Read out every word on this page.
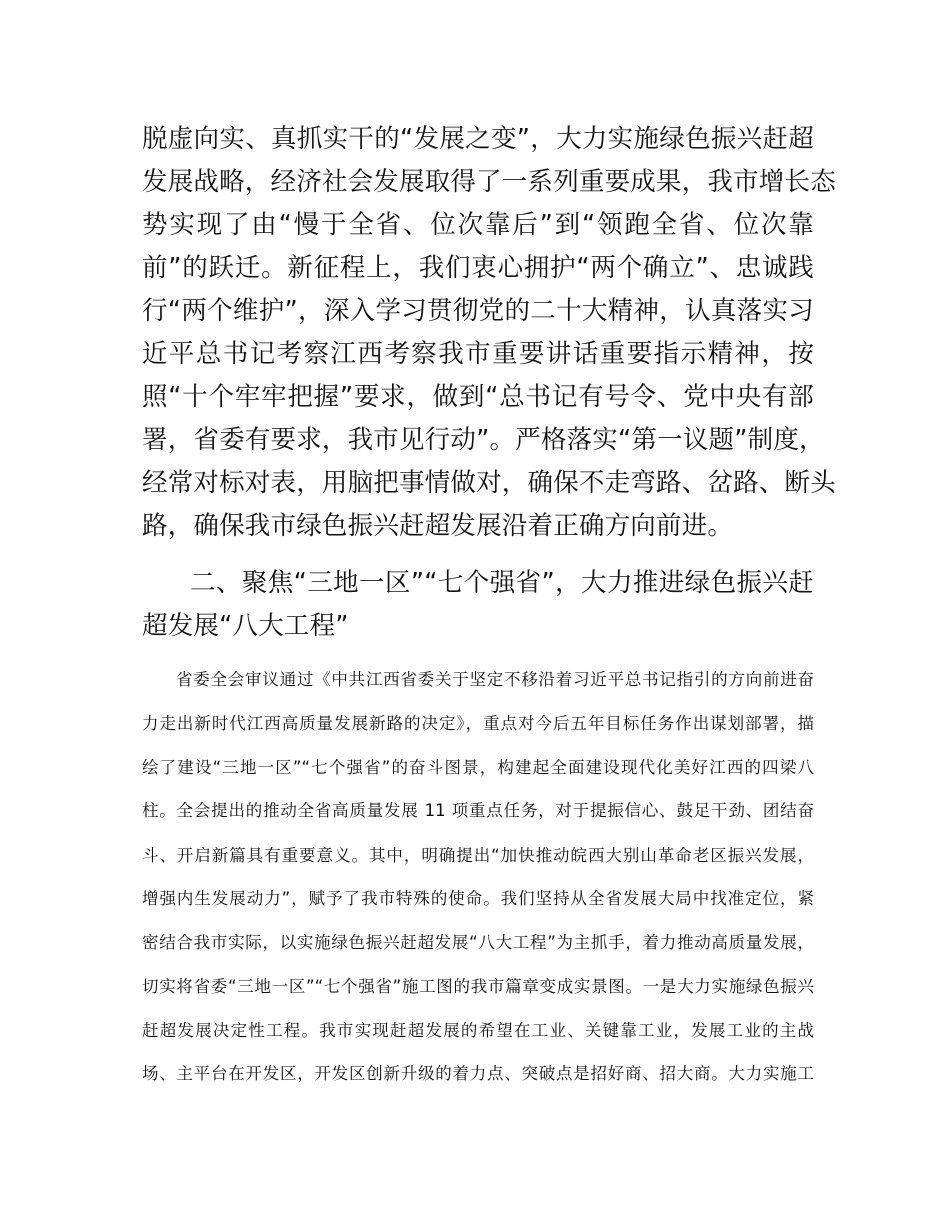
脱虚向实、真抓实干的“发展之变”，大力实施绿色振兴赶超

发展战略，经济社会发展取得了一系列重要成果，我市增长态

势实现了由“慢于全省、位次靠后”到“领跑全省、位次靠

前”的跃迁。新征程上，我们衷心拥护“两个确立”、忠诚践

行“两个维护”，深入学习贯彻党的二十大精神，认真落实习

近平总书记考察江西考察我市重要讲话重要指示精神，按

照“十个牢牢把握”要求，做到“总书记有号令、党中央有部

署，省委有要求，我市见行动”。严格落实“第一议题”制度，

经常对标对表，用脑把事情做对，确保不走弯路、岔路、断头

路，确保我市绿色振兴赶超发展沿着正确方向前进。

二、聚焦“三地一区”“七个强省”，大力推进绿色振兴赶

超发展“八大工程”

省委全会审议通过《中共江西省委关于坚定不移沿着习近平总书记指引的方向前进奋

力走出新时代江西高质量发展新路的决定》，重点对今后五年目标任务作出谋划部署，描

绘了建设“三地一区”“七个强省”的奋斗图景，构建起全面建设现代化美好江西的四梁八

柱。全会提出的推动全省高质量发展 11 项重点任务，对于提振信心、鼓足干劲、团结奋

斗、开启新篇具有重要意义。其中，明确提出“加快推动皖西大别山革命老区振兴发展，

增强内生发展动力”，赋予了我市特殊的使命。我们坚持从全省发展大局中找准定位，紧

密结合我市实际，以实施绿色振兴赶超发展“八大工程”为主抓手，着力推动高质量发展，

切实将省委“三地一区”“七个强省”施工图的我市篇章变成实景图。一是大力实施绿色振兴

赶超发展决定性工程。我市实现赶超发展的希望在工业、关键靠工业，发展工业的主战

场、主平台在开发区，开发区创新升级的着力点、突破点是招好商、招大商。大力实施工
